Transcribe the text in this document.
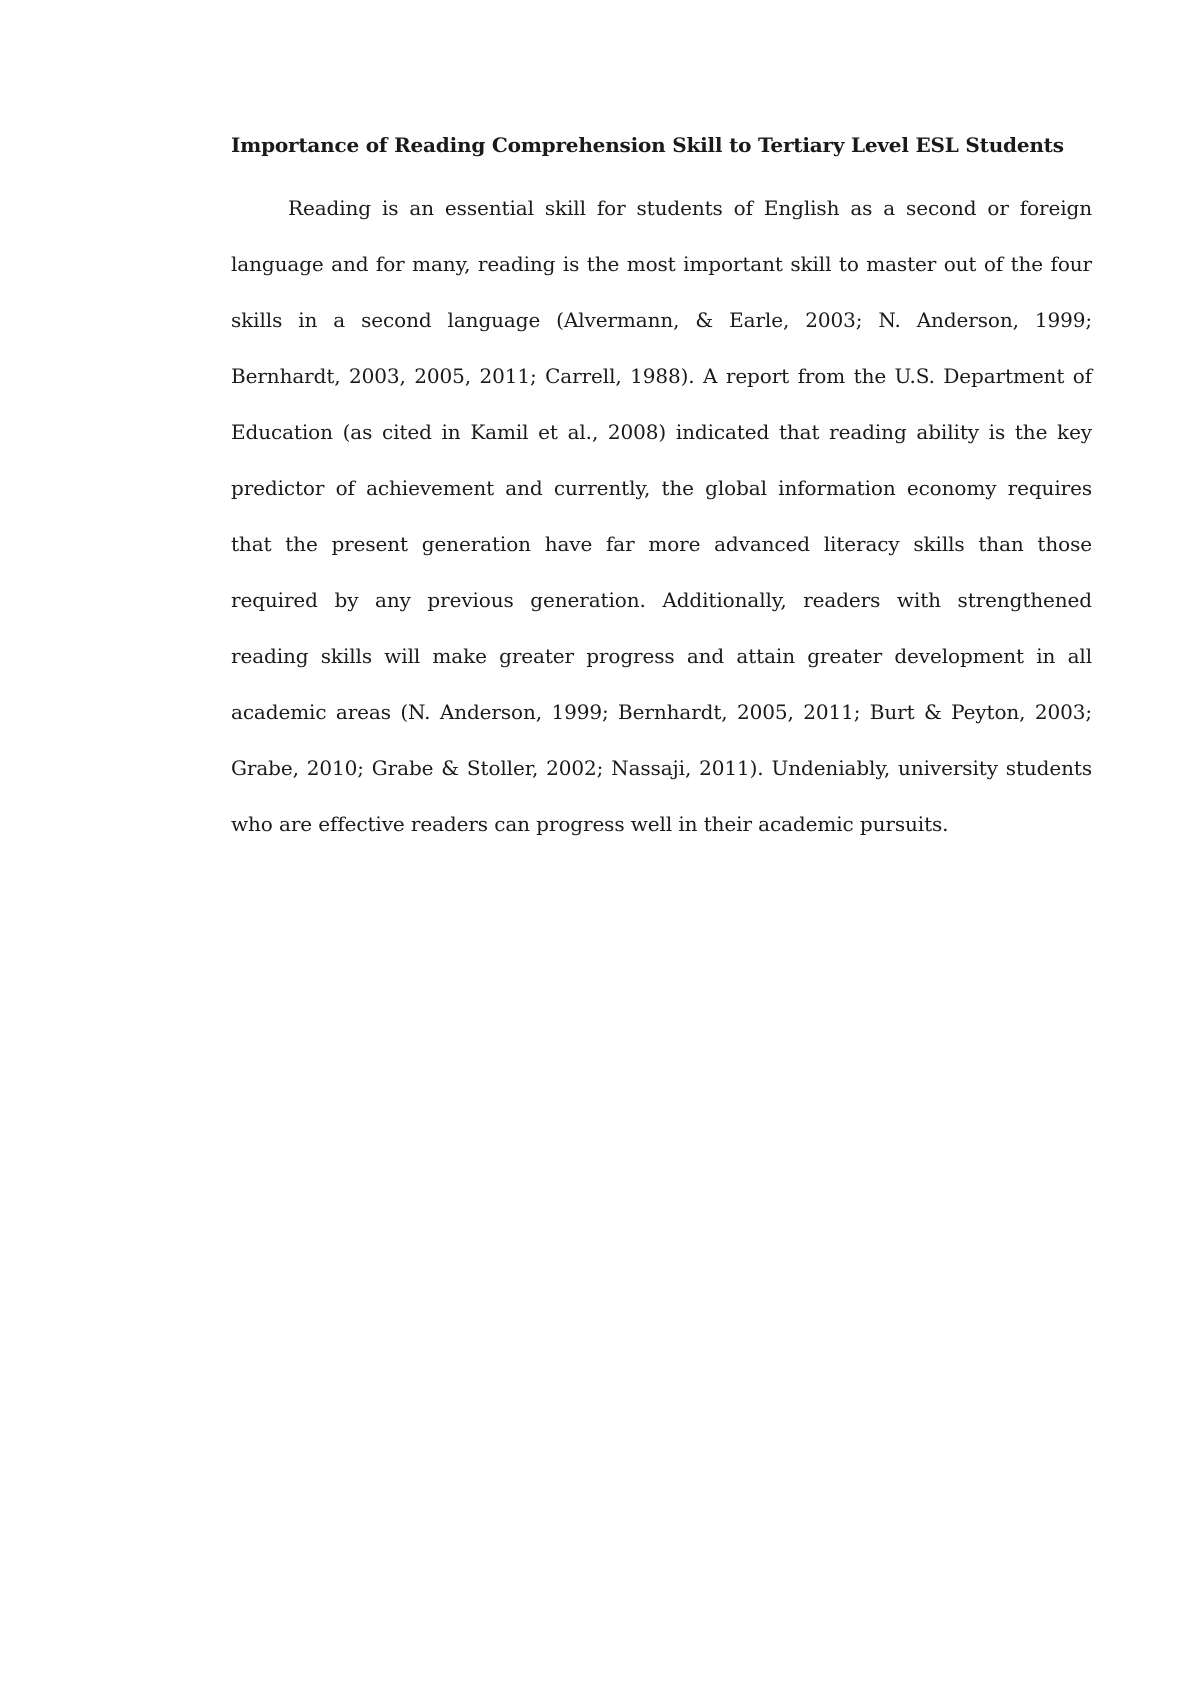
Importance of Reading Comprehension Skill to Tertiary Level ESL Students

Reading is an essential skill for students of English as a second or foreign language and for many, reading is the most important skill to master out of the four skills in a second language (Alvermann, & Earle, 2003; N. Anderson, 1999; Bernhardt, 2003, 2005, 2011; Carrell, 1988). A report from the U.S. Department of Education (as cited in Kamil et al., 2008) indicated that reading ability is the key predictor of achievement and currently, the global information economy requires that the present generation have far more advanced literacy skills than those required by any previous generation. Additionally, readers with strengthened reading skills will make greater progress and attain greater development in all academic areas (N. Anderson, 1999; Bernhardt, 2005, 2011; Burt & Peyton, 2003; Grabe, 2010; Grabe & Stoller, 2002; Nassaji, 2011). Undeniably, university students who are effective readers can progress well in their academic pursuits.
